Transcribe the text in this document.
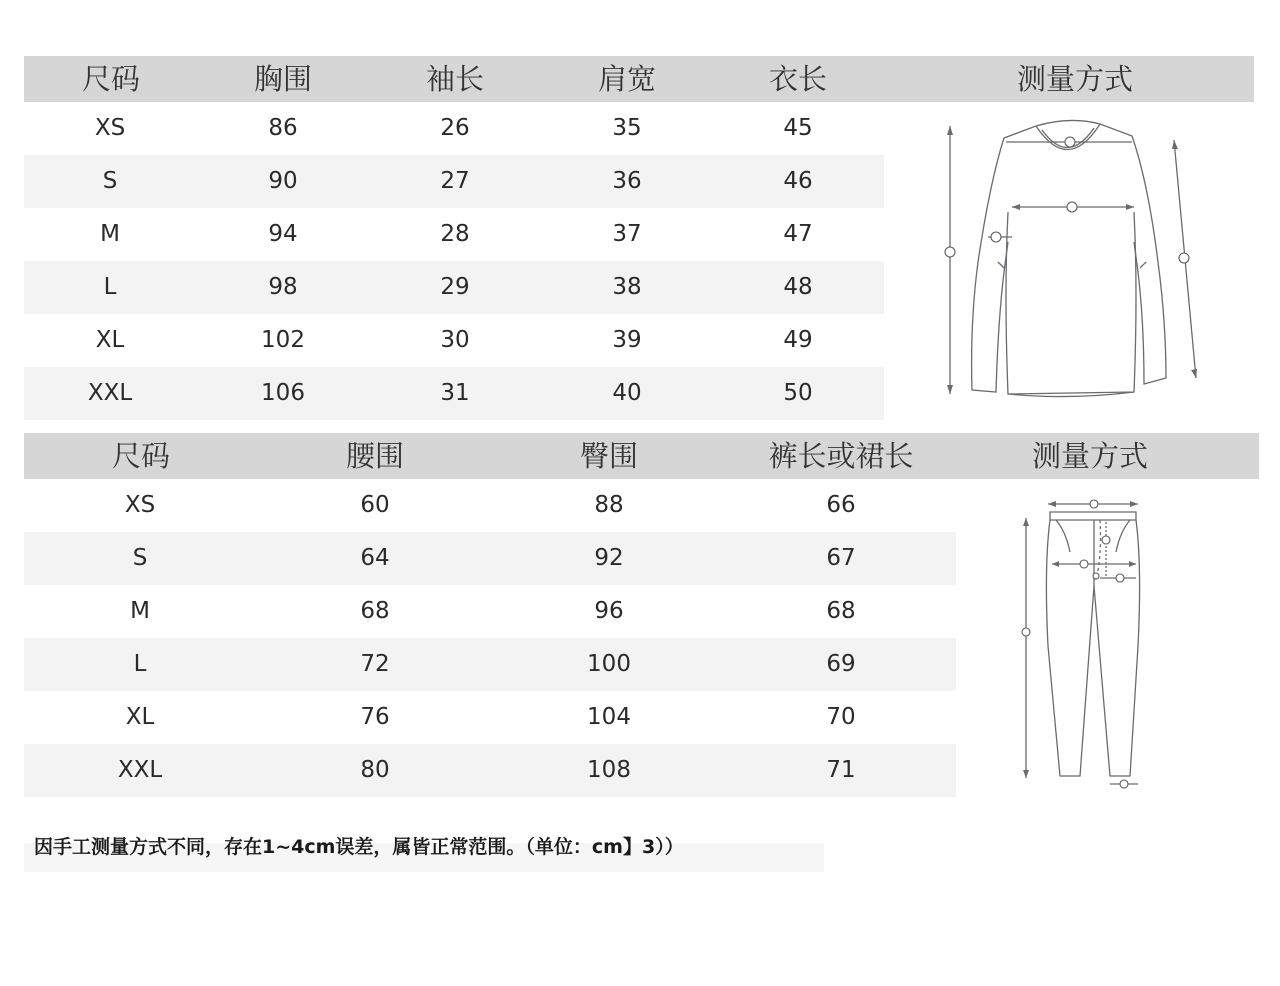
尺码	胸围	袖长	肩宽	衣长	测量方式
XS	86	26	35	45
S	90	27	36	46
M	94	28	37	47
L	98	29	38	48
XL	102	30	39	49
XXL	106	31	40	50
尺码	腰围	臀围	裤长或裙长	测量方式
XS	60	88	66
S	64	92	67
M	68	96	68
L	72	100	69
XL	76	104	70
XXL	80	108	71
因手工测量方式不同，存在1~4cm误差，属皆正常范围。（单位：cm】3））
